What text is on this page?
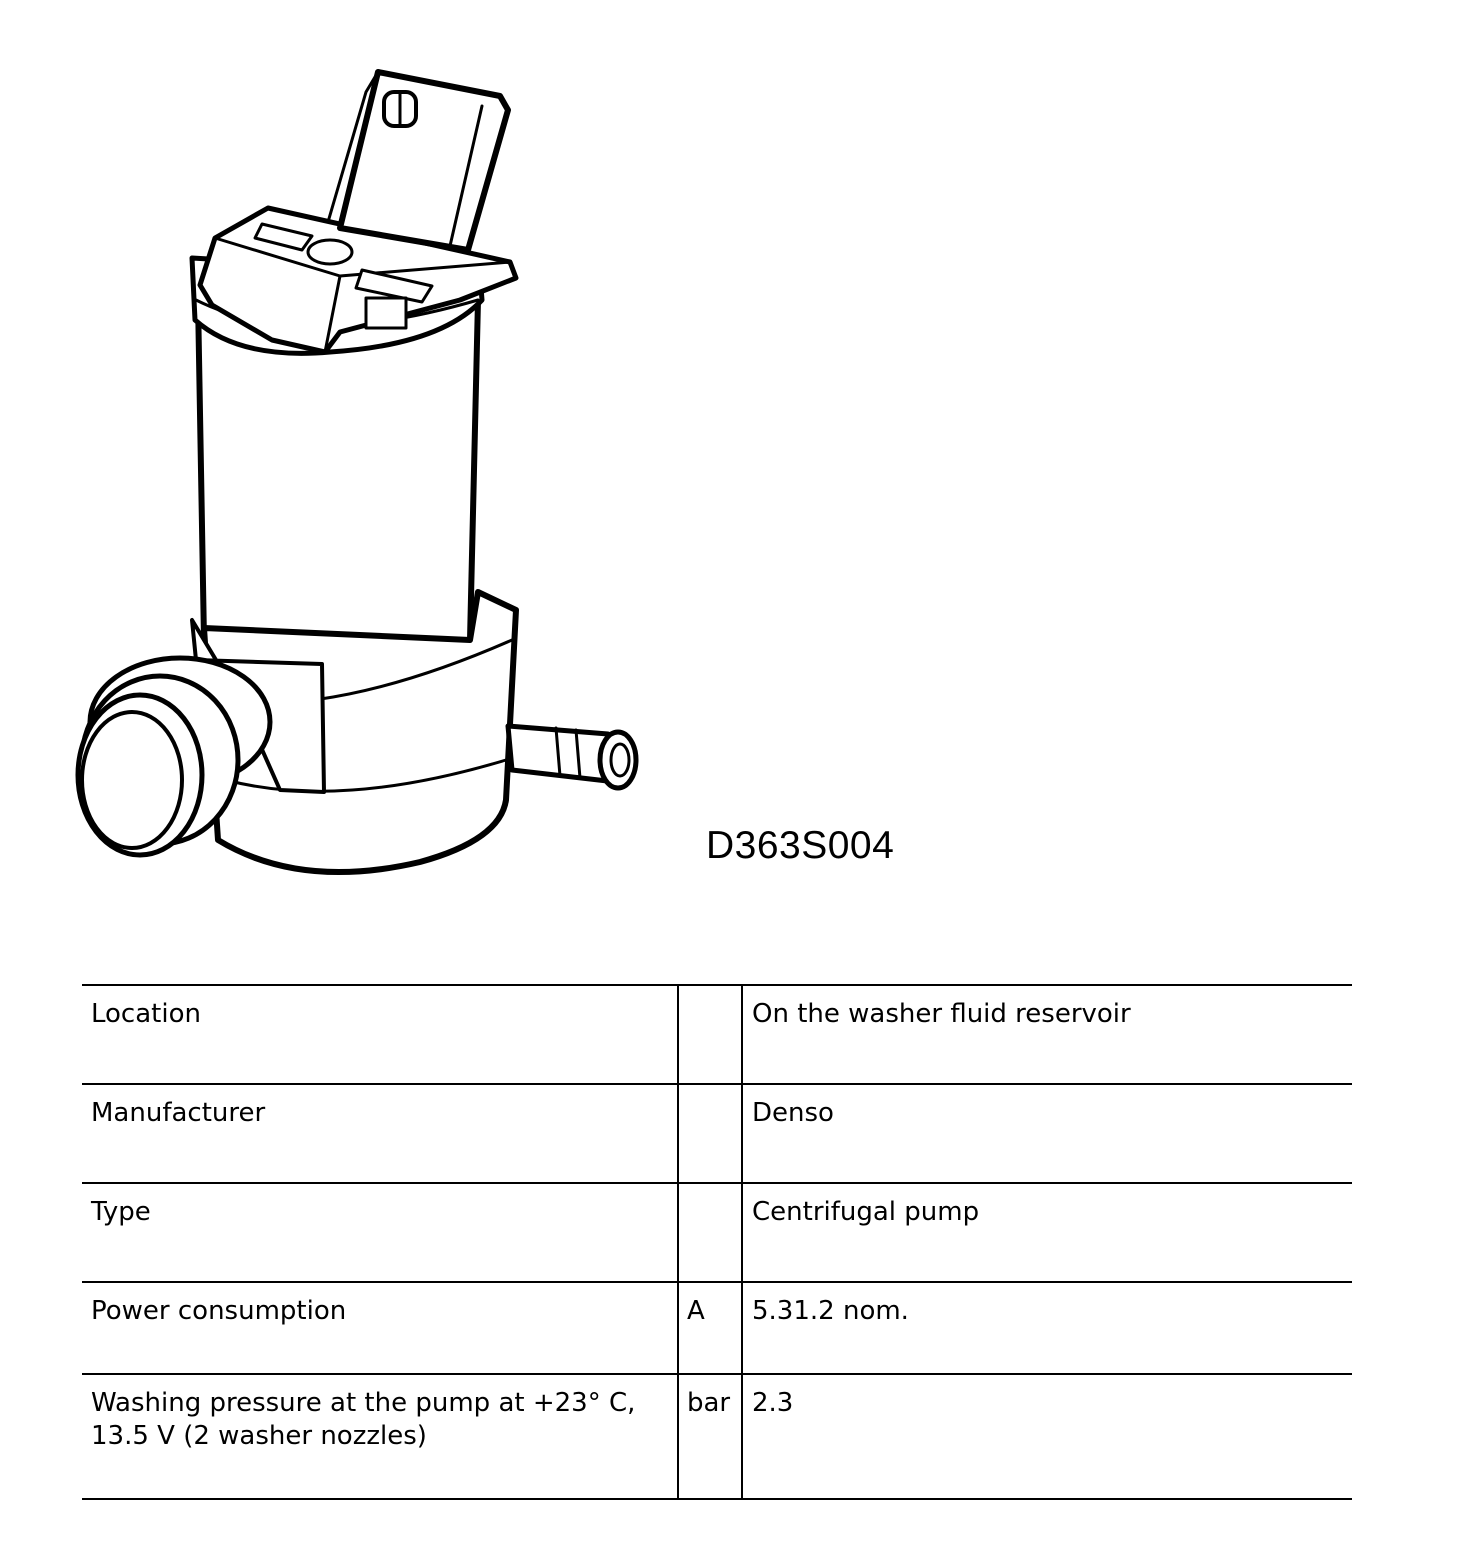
D363S004
Location		On the washer fluid reservoir
Manufacturer		Denso
Type		Centrifugal pump
Power consumption	A	5.31.2 nom.
Washing pressure at the pump at +23° C, 13.5 V (2 washer nozzles)	bar	2.3
